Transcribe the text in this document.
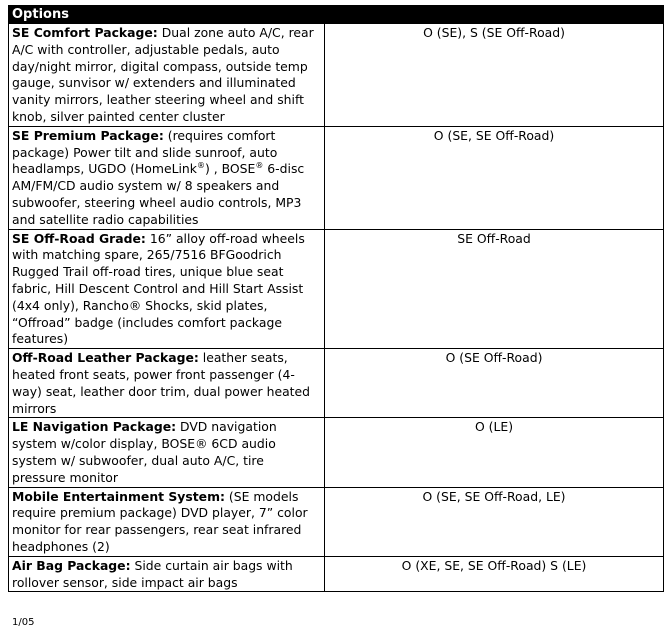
Options	
SE Comfort Package: Dual zone auto A/C, rear A/C with controller, adjustable pedals, auto day/night mirror, digital compass, outside temp gauge, sunvisor w/ extenders and illuminated vanity mirrors, leather steering wheel and shift knob, silver painted center cluster	O (SE), S (SE Off-Road)
SE Premium Package: (requires comfort package) Power tilt and slide sunroof, auto headlamps, UGDO (HomeLink®) , BOSE® 6-disc AM/FM/CD audio system w/ 8 speakers and subwoofer, steering wheel audio controls, MP3 and satellite radio capabilities	O (SE, SE Off-Road)
SE Off-Road Grade: 16” alloy off-road wheels with matching spare, 265/7516 BFGoodrich Rugged Trail off-road tires, unique blue seat fabric, Hill Descent Control and Hill Start Assist (4x4 only), Rancho® Shocks, skid plates, “Offroad” badge (includes comfort package features)	SE Off-Road
Off-Road Leather Package: leather seats, heated front seats, power front passenger (4-way) seat, leather door trim, dual power heated mirrors	O (SE Off-Road)
LE Navigation Package: DVD navigation system w/color display, BOSE® 6CD audio system w/ subwoofer, dual auto A/C, tire pressure monitor	O (LE)
Mobile Entertainment System: (SE models require premium package) DVD player, 7” color monitor for rear passengers, rear seat infrared headphones (2)	O (SE, SE Off-Road, LE)
Air Bag Package: Side curtain air bags with rollover sensor, side impact air bags	O (XE, SE, SE Off-Road) S (LE)
1/05
